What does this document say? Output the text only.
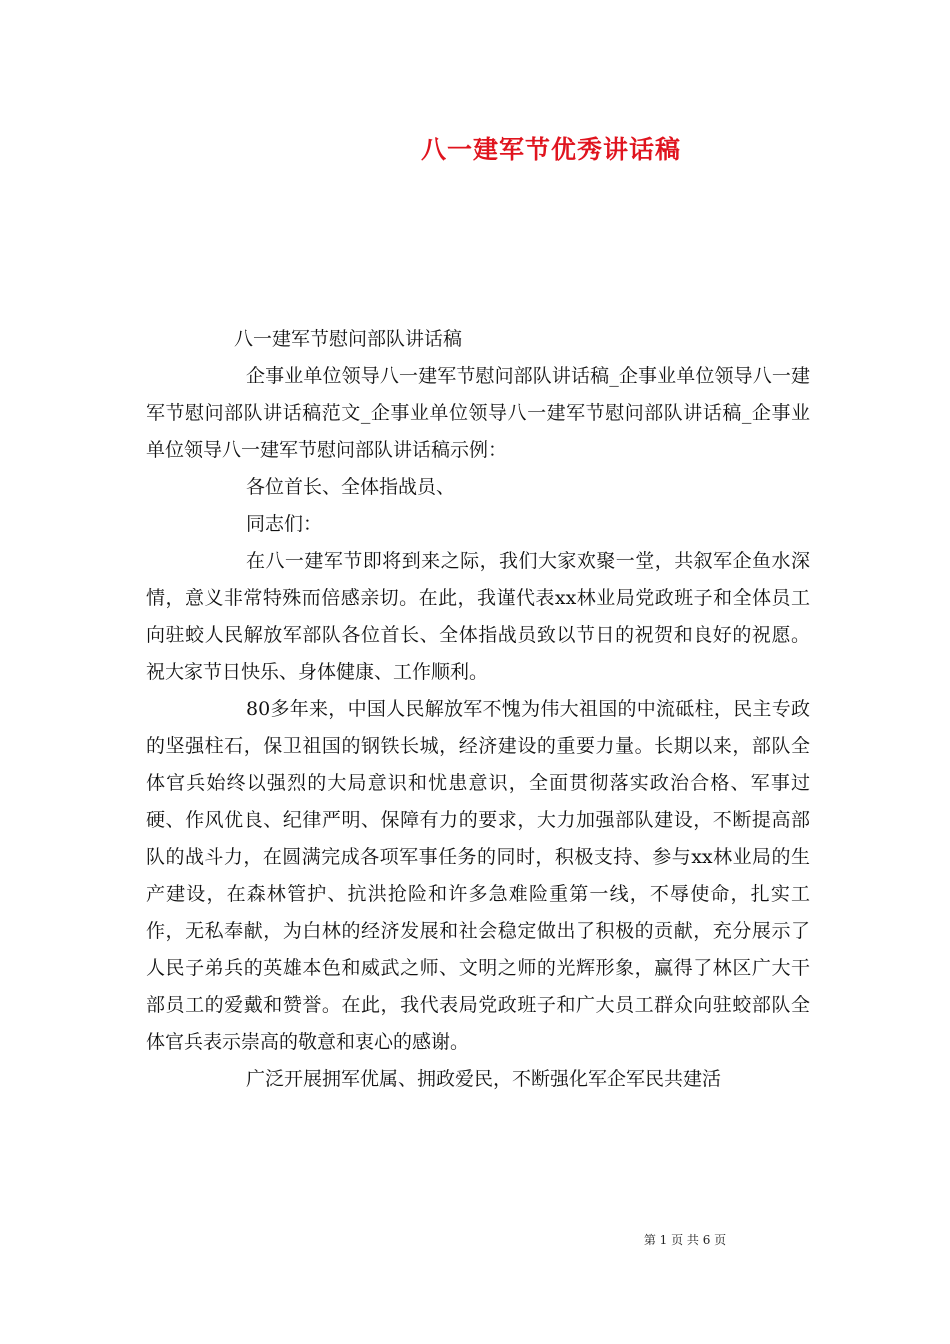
八一建军节优秀讲话稿

八一建军节慰问部队讲话稿

企事业单位领导八一建军节慰问部队讲话稿_企事业单位领导八一建军节慰问部队讲话稿范文_企事业单位领导八一建军节慰问部队讲话稿_企事业单位领导八一建军节慰问部队讲话稿示例：

各位首长、全体指战员、

同志们：

在八一建军节即将到来之际，我们大家欢聚一堂，共叙军企鱼水深情，意义非常特殊而倍感亲切。在此，我谨代表xx林业局党政班子和全体员工向驻蛟人民解放军部队各位首长、全体指战员致以节日的祝贺和良好的祝愿。祝大家节日快乐、身体健康、工作顺利。

80多年来，中国人民解放军不愧为伟大祖国的中流砥柱，民主专政的坚强柱石，保卫祖国的钢铁长城，经济建设的重要力量。长期以来，部队全体官兵始终以强烈的大局意识和忧患意识，全面贯彻落实政治合格、军事过硬、作风优良、纪律严明、保障有力的要求，大力加强部队建设，不断提高部队的战斗力，在圆满完成各项军事任务的同时，积极支持、参与xx林业局的生产建设，在森林管护、抗洪抢险和许多急难险重第一线，不辱使命，扎实工作，无私奉献，为白林的经济发展和社会稳定做出了积极的贡献，充分展示了人民子弟兵的英雄本色和威武之师、文明之师的光辉形象，赢得了林区广大干部员工的爱戴和赞誉。在此，我代表局党政班子和广大员工群众向驻蛟部队全体官兵表示崇高的敬意和衷心的感谢。

广泛开展拥军优属、拥政爱民，不断强化军企军民共建活

第 1 页 共 6 页
